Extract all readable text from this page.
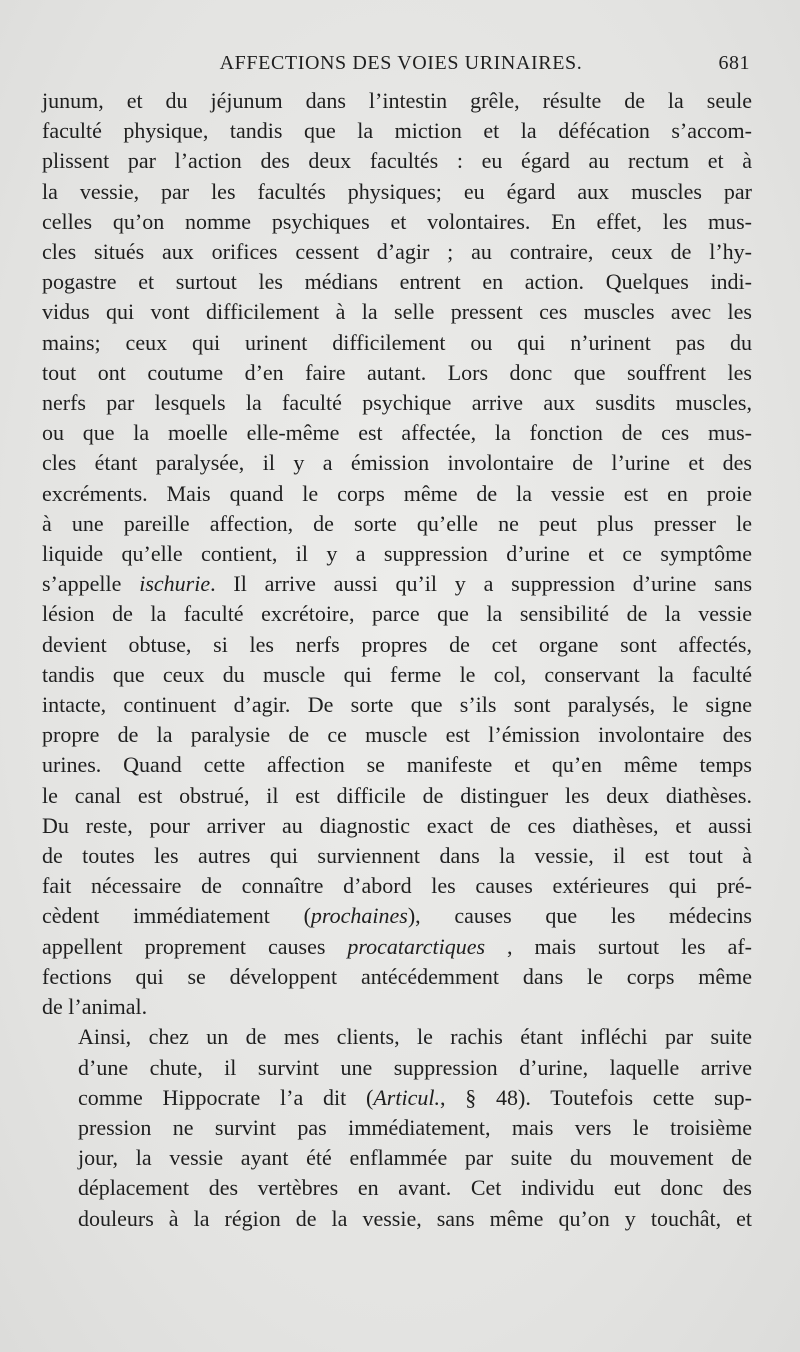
AFFECTIONS DES VOIES URINAIRES.	681

junum, et du jéjunum dans l’intestin grêle, résulte de la seule
faculté physique, tandis que la miction et la défécation s’accom-
plissent par l’action des deux facultés : eu égard au rectum et à
la vessie, par les facultés physiques; eu égard aux muscles par
celles qu’on nomme psychiques et volontaires. En effet, les mus-
cles situés aux orifices cessent d’agir ; au contraire, ceux de l’hy-
pogastre et surtout les médians entrent en action. Quelques indi-
vidus qui vont difficilement à la selle pressent ces muscles avec les
mains; ceux qui urinent difficilement ou qui n’urinent pas du
tout ont coutume d’en faire autant. Lors donc que souffrent les
nerfs par lesquels la faculté psychique arrive aux susdits muscles,
ou que la moelle elle-même est affectée, la fonction de ces mus-
cles étant paralysée, il y a émission involontaire de l’urine et des
excréments. Mais quand le corps même de la vessie est en proie
à une pareille affection, de sorte qu’elle ne peut plus presser le
liquide qu’elle contient, il y a suppression d’urine et ce symptôme
s’appelle ischurie. Il arrive aussi qu’il y a suppression d’urine sans
lésion de la faculté excrétoire, parce que la sensibilité de la vessie
devient obtuse, si les nerfs propres de cet organe sont affectés,
tandis que ceux du muscle qui ferme le col, conservant la faculté
intacte, continuent d’agir. De sorte que s’ils sont paralysés, le signe
propre de la paralysie de ce muscle est l’émission involontaire des
urines. Quand cette affection se manifeste et qu’en même temps
le canal est obstrué, il est difficile de distinguer les deux diathèses.
Du reste, pour arriver au diagnostic exact de ces diathèses, et aussi
de toutes les autres qui surviennent dans la vessie, il est tout à
fait nécessaire de connaître d’abord les causes extérieures qui pré-
cèdent immédiatement (prochaines), causes que les médecins
appellent proprement causes procatarctiques , mais surtout les af-
fections qui se développent antécédemment dans le corps même
de l’animal.

Ainsi, chez un de mes clients, le rachis étant infléchi par suite
d’une chute, il survint une suppression d’urine, laquelle arrive
comme Hippocrate l’a dit (Articul., § 48). Toutefois cette sup-
pression ne survint pas immédiatement, mais vers le troisième
jour, la vessie ayant été enflammée par suite du mouvement de
déplacement des vertèbres en avant. Cet individu eut donc des
douleurs à la région de la vessie, sans même qu’on y touchât, et
